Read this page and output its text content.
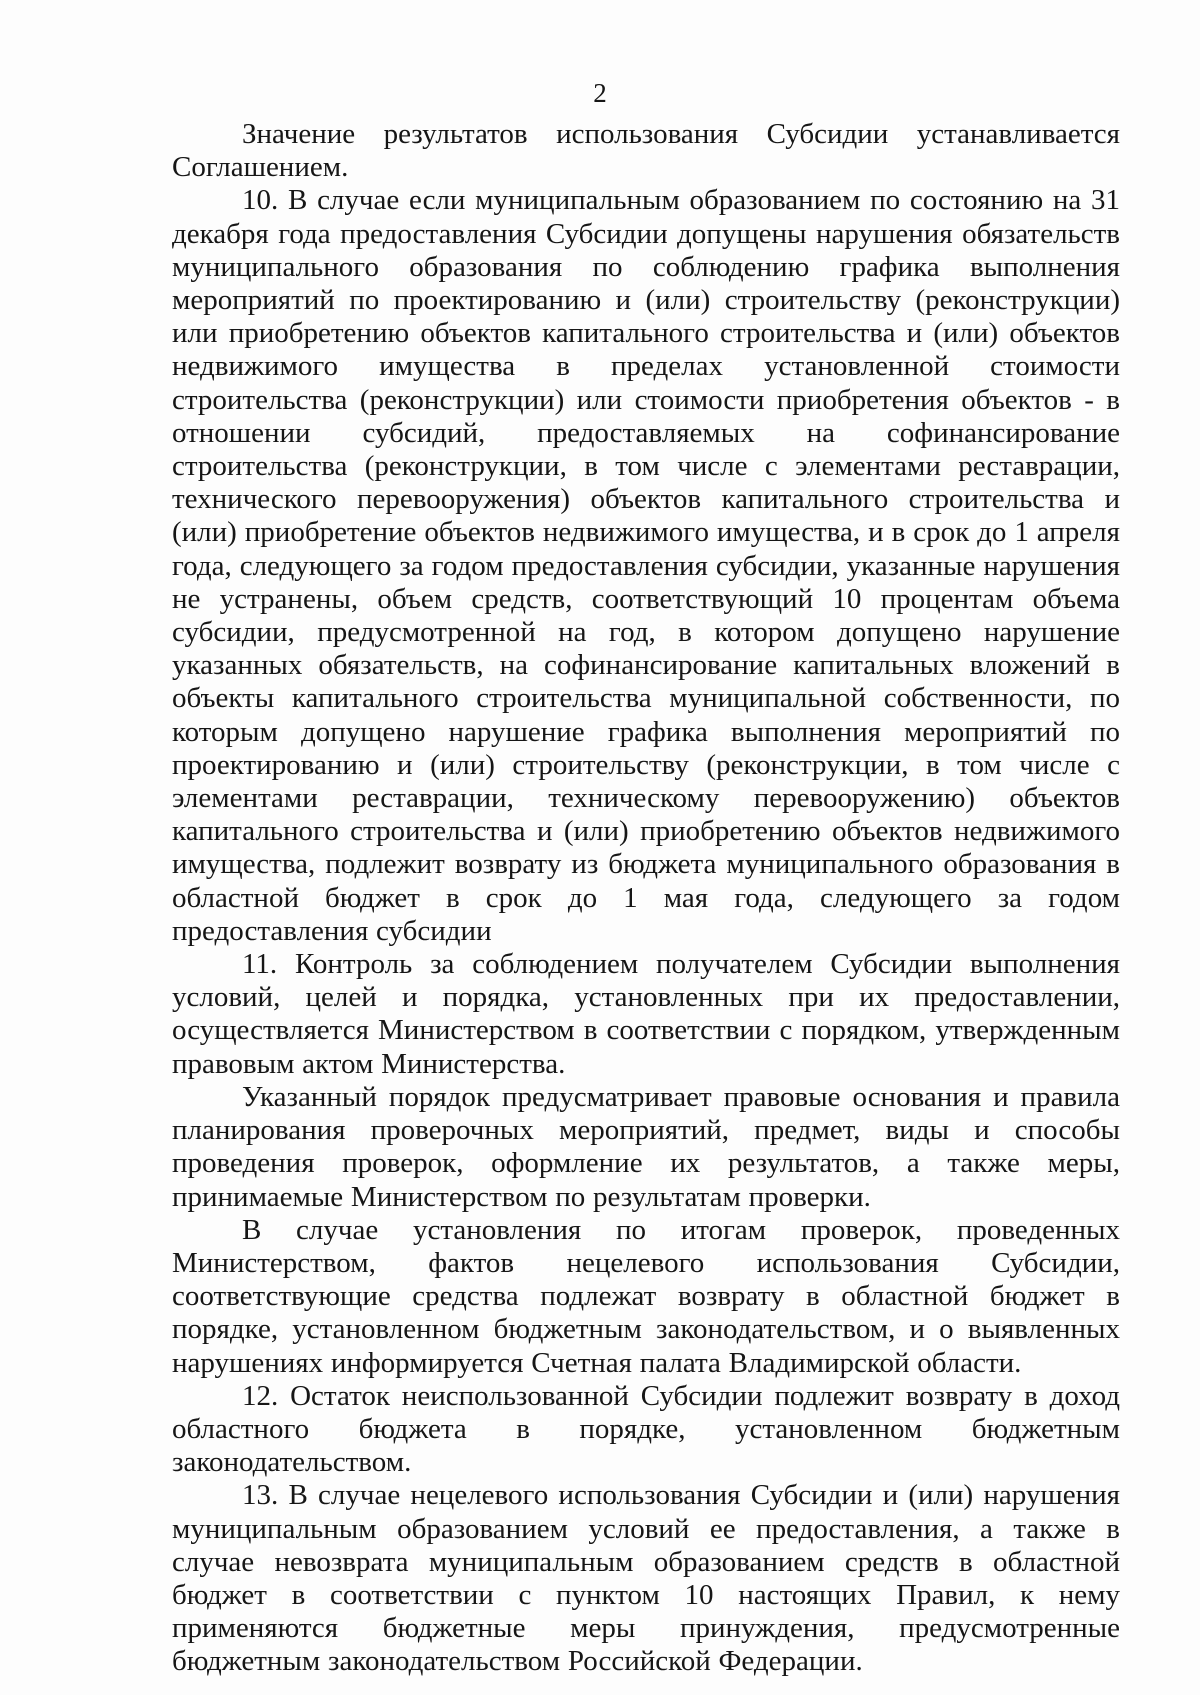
2

Значение результатов использования Субсидии устанавливается Соглашением.

10. В случае если муниципальным образованием по состоянию на 31 декабря года предоставления Субсидии допущены нарушения обязательств муниципального образования по соблюдению графика выполнения мероприятий по проектированию и (или) строительству (реконструкции) или приобретению объектов капитального строительства и (или) объектов недвижимого имущества в пределах установленной стоимости строительства (реконструкции) или стоимости приобретения объектов - в отношении субсидий, предоставляемых на софинансирование строительства (реконструкции, в том числе с элементами реставрации, технического перевооружения) объектов капитального строительства и (или) приобретение объектов недвижимого имущества, и в срок до 1 апреля года, следующего за годом предоставления субсидии, указанные нарушения не устранены, объем средств, соответствующий 10 процентам объема субсидии, предусмотренной на год, в котором допущено нарушение указанных обязательств, на софинансирование капитальных вложений в объекты капитального строительства муниципальной собственности, по которым допущено нарушение графика выполнения мероприятий по проектированию и (или) строительству (реконструкции, в том числе с элементами реставрации, техническому перевооружению) объектов капитального строительства и (или) приобретению объектов недвижимого имущества, подлежит возврату из бюджета муниципального образования в областной бюджет в срок до 1 мая года, следующего за годом предоставления субсидии

11. Контроль за соблюдением получателем Субсидии выполнения условий, целей и порядка, установленных при их предоставлении, осуществляется Министерством в соответствии с порядком, утвержденным правовым актом Министерства.

Указанный порядок предусматривает правовые основания и правила планирования проверочных мероприятий, предмет, виды и способы проведения проверок, оформление их результатов, а также меры, принимаемые Министерством по результатам проверки.

В случае установления по итогам проверок, проведенных Министерством, фактов нецелевого использования Субсидии, соответствующие средства подлежат возврату в областной бюджет в порядке, установленном бюджетным законодательством, и о выявленных нарушениях информируется Счетная палата Владимирской области.

12. Остаток неиспользованной Субсидии подлежит возврату в доход областного бюджета в порядке, установленном бюджетным законодательством.

13. В случае нецелевого использования Субсидии и (или) нарушения муниципальным образованием условий ее предоставления, а также в случае невозврата муниципальным образованием средств в областной бюджет в соответствии с пунктом 10 настоящих Правил, к нему применяются бюджетные меры принуждения, предусмотренные бюджетным законодательством Российской Федерации.
